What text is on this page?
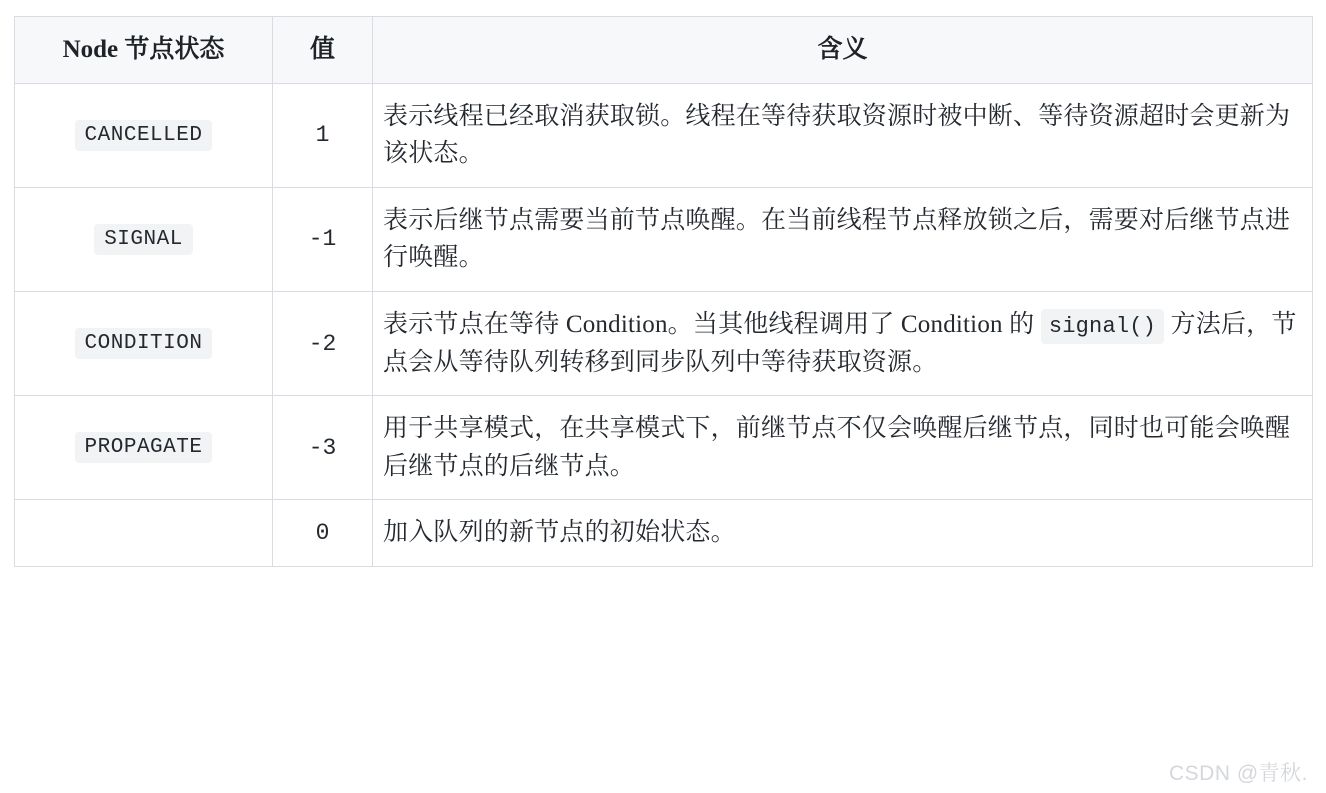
Node 节点状态	值	含义
CANCELLED	1	表示线程已经取消获取锁。线程在等待获取资源时被中断、等待资源超时会更新为该状态。
SIGNAL	-1	表示后继节点需要当前节点唤醒。在当前线程节点释放锁之后，需要对后继节点进行唤醒。
CONDITION	-2	表示节点在等待 Condition。当其他线程调用了 Condition 的 signal() 方法后，节点会从等待队列转移到同步队列中等待获取资源。
PROPAGATE	-3	用于共享模式，在共享模式下，前继节点不仅会唤醒后继节点，同时也可能会唤醒后继节点的后继节点。
	0	加入队列的新节点的初始状态。
CSDN @青秋.
